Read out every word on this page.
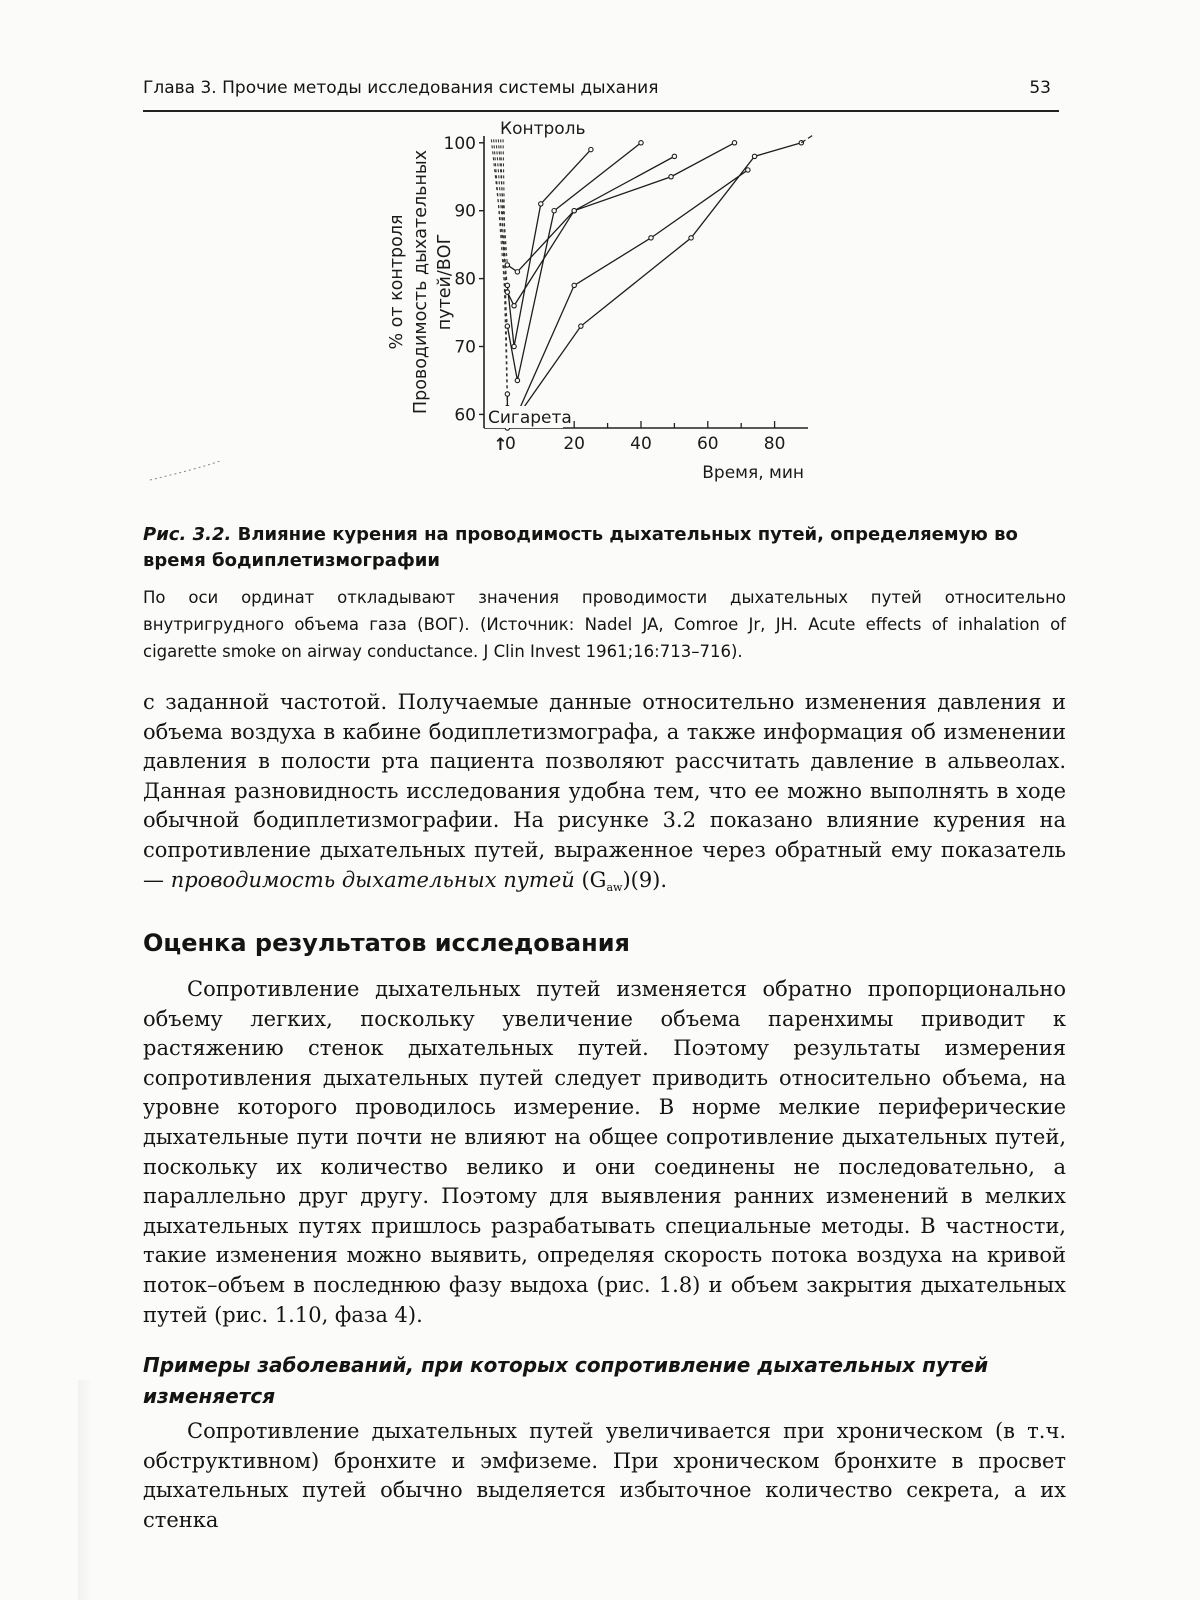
Глава 3. Прочие методы исследования системы дыхания	53
% от контроля Проводимость дыхательных путей/ВОГ
60
70
80
90
100
0	20	40	60	80
Время, мин
Контроль
Сигарета
↑
Рис. 3.2. Влияние курения на проводимость дыхательных путей, определяемую во время бодиплетизмографии
По оси ординат откладывают значения проводимости дыхательных путей относительно внутригрудного объема газа (ВОГ). (Источник: Nadel JA, Comroe Jr, JH. Acute effects of inhalation of cigarette smoke on airway conductance. J Clin Invest 1961;16:713–716).
с заданной частотой. Получаемые данные относительно изменения давления и объема воздуха в кабине бодиплетизмографа, а также информация об изменении давления в полости рта пациента позволяют рассчитать давление в альвеолах. Данная разновидность исследования удобна тем, что ее можно выполнять в ходе обычной бодиплетизмографии. На рисунке 3.2 показано влияние курения на сопротивление дыхательных путей, выраженное через обратный ему показатель — проводимость дыхательных путей $(G_{aw})(9)$.
Оценка результатов исследования
Сопротивление дыхательных путей изменяется обратно пропорционально объему легких, поскольку увеличение объема паренхимы приводит к растяжению стенок дыхательных путей. Поэтому результаты измерения сопротивления дыхательных путей следует приводить относительно объема, на уровне которого проводилось измерение. В норме мелкие периферические дыхательные пути почти не влияют на общее сопротивление дыхательных путей, поскольку их количество велико и они соединены не последовательно, а параллельно друг другу. Поэтому для выявления ранних изменений в мелких дыхательных путях пришлось разрабатывать специальные методы. В частности, такие изменения можно выявить, определяя скорость потока воздуха на кривой поток–объем в последнюю фазу выдоха (рис. 1.8) и объем закрытия дыхательных путей (рис. 1.10, фаза 4).
Примеры заболеваний, при которых сопротивление дыхательных путей изменяется
Сопротивление дыхательных путей увеличивается при хроническом (в т.ч. обструктивном) бронхите и эмфиземе. При хроническом бронхите в просвет дыхательных путей обычно выделяется избыточное количество секрета, а их стенка
